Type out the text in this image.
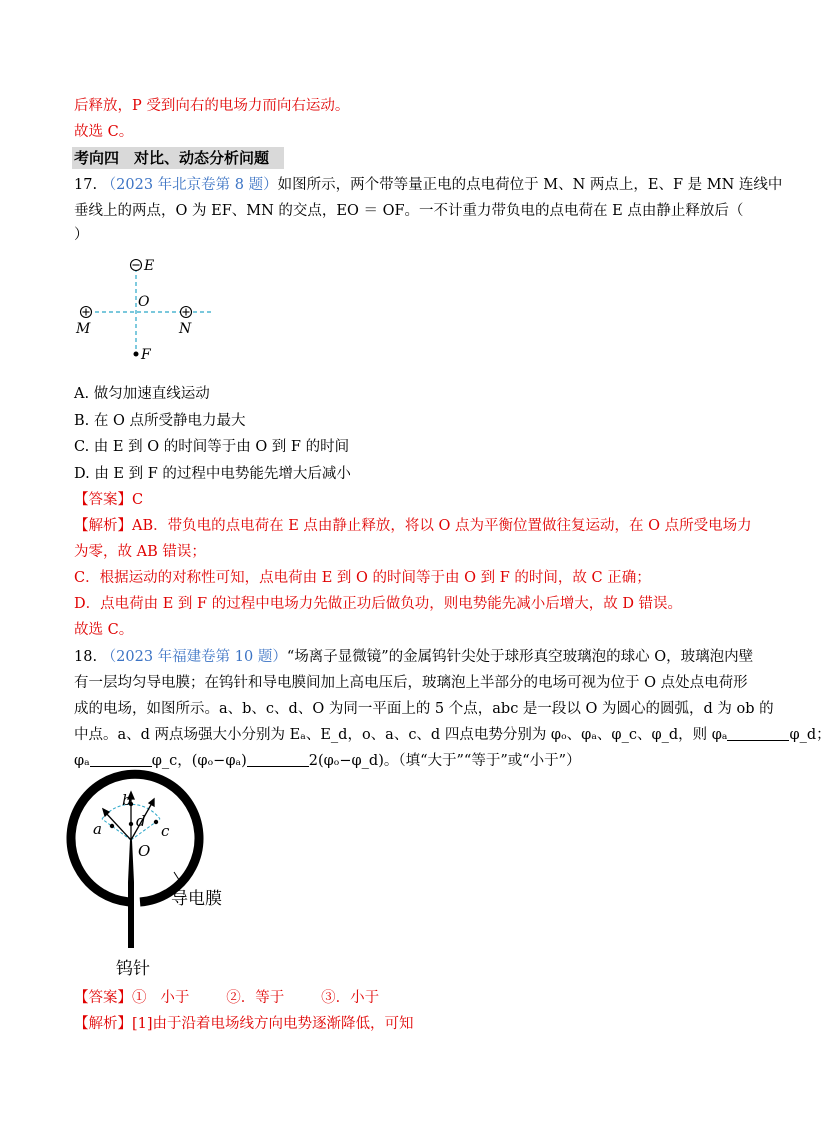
后释放，P 受到向右的电场力而向右运动。
故选 C。
考向四　对比、动态分析问题
17. （2023 年北京卷第 8 题）如图所示，两个带等量正电的点电荷位于 M、N 两点上，E、F 是 MN 连线中
垂线上的两点，O 为 EF、MN 的交点，EO ＝ OF。一不计重力带负电的点电荷在 E 点由静止释放后（
）
E
O
M	N
F
A. 做匀加速直线运动
B. 在 O 点所受静电力最大
C. 由 E 到 O 的时间等于由 O 到 F 的时间
D. 由 E 到 F 的过程中电势能先增大后减小
【答案】C
【解析】AB．带负电的点电荷在 E 点由静止释放，将以 O 点为平衡位置做往复运动，在 O 点所受电场力
为零，故 AB 错误；
C．根据运动的对称性可知，点电荷由 E 到 O 的时间等于由 O 到 F 的时间，故 C 正确；
D．点电荷由 E 到 F 的过程中电场力先做正功后做负功，则电势能先减小后增大，故 D 错误。
故选 C。
18. （2023 年福建卷第 10 题）“场离子显微镜”的金属钨针尖处于球形真空玻璃泡的球心 O，玻璃泡内壁
有一层均匀导电膜；在钨针和导电膜间加上高电压后，玻璃泡上半部分的电场可视为位于 O 点处点电荷形
成的电场，如图所示。a、b、c、d、O 为同一平面上的 5 个点，abc 是一段以 O 为圆心的圆弧，d 为 ob 的
中点。a、d 两点场强大小分别为 Eₐ、E_d，o、a、c、d 四点电势分别为 φₒ、φₐ、φ_c、φ_d，则 φₐ	φ_d；
φₐ	φ_c，(φₒ−φₐ)	2(φₒ−φ_d)。（填“大于”“等于”或“小于”）
a
b
c
d
O
导电膜
钨针
【答案】①   小于        ②．等于        ③．小于
【解析】[1]由于沿着电场线方向电势逐渐降低，可知
